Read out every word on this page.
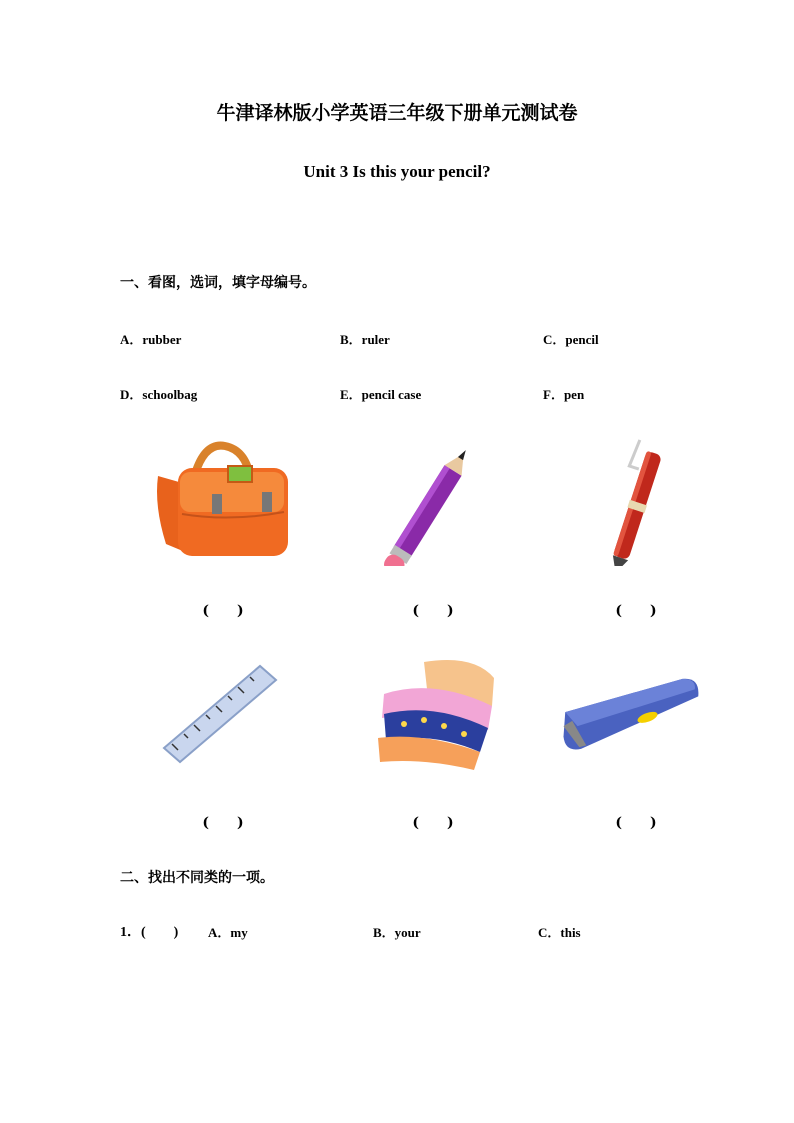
牛津译林版小学英语三年级下册单元测试卷
Unit 3 Is this your pencil?
一、看图，选词，填字母编号。
A．rubber	B．ruler	C．pencil
D．schoolbag	E．pencil case	F．pen
(　　)	(　　)	(　　)
(　　)	(　　)	(　　)
二、找出不同类的一项。
1．(　　) A．my	B．your	C．this
